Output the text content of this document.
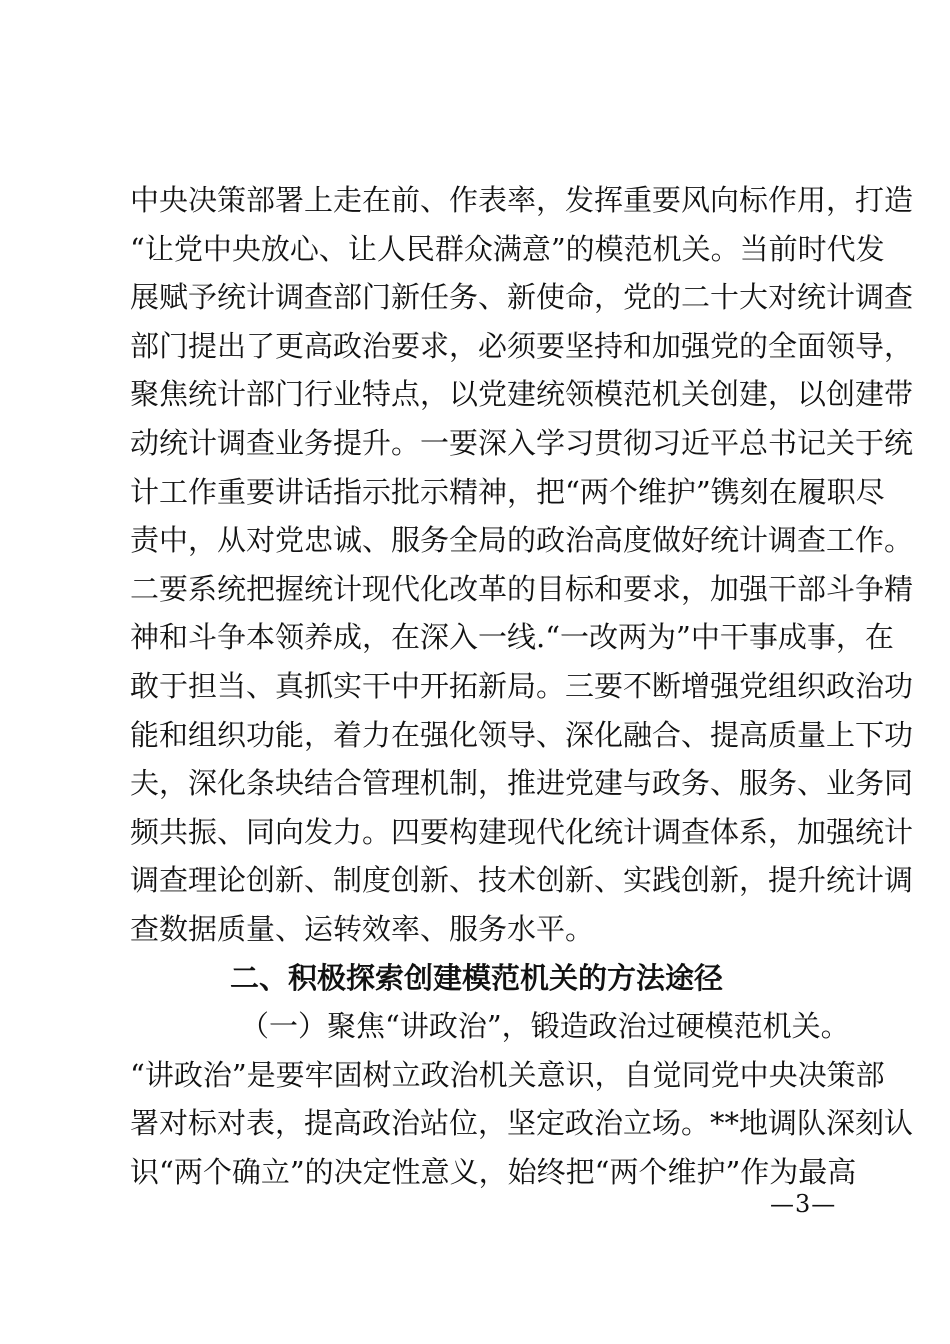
中央决策部署上走在前、作表率，发挥重要风向标作用，打造
“让党中央放心、让人民群众满意”的模范机关。当前时代发
展赋予统计调查部门新任务、新使命，党的二十大对统计调查
部门提出了更高政治要求，必须要坚持和加强党的全面领导，
聚焦统计部门行业特点，以党建统领模范机关创建，以创建带
动统计调查业务提升。一要深入学习贯彻习近平总书记关于统
计工作重要讲话指示批示精神，把“两个维护”镌刻在履职尽
责中，从对党忠诚、服务全局的政治高度做好统计调查工作。
二要系统把握统计现代化改革的目标和要求，加强干部斗争精
神和斗争本领养成，在深入一线.“一改两为”中干事成事，在
敢于担当、真抓实干中开拓新局。三要不断增强党组织政治功
能和组织功能，着力在强化领导、深化融合、提高质量上下功
夫，深化条块结合管理机制，推进党建与政务、服务、业务同
频共振、同向发力。四要构建现代化统计调查体系，加强统计
调查理论创新、制度创新、技术创新、实践创新，提升统计调
查数据质量、运转效率、服务水平。
二、积极探索创建模范机关的方法途径
（一）聚焦“讲政治”，锻造政治过硬模范机关。
“讲政治”是要牢固树立政治机关意识，自觉同党中央决策部
署对标对表，提高政治站位，坚定政治立场。**地调队深刻认
识“两个确立”的决定性意义，始终把“两个维护”作为最高
—3—
